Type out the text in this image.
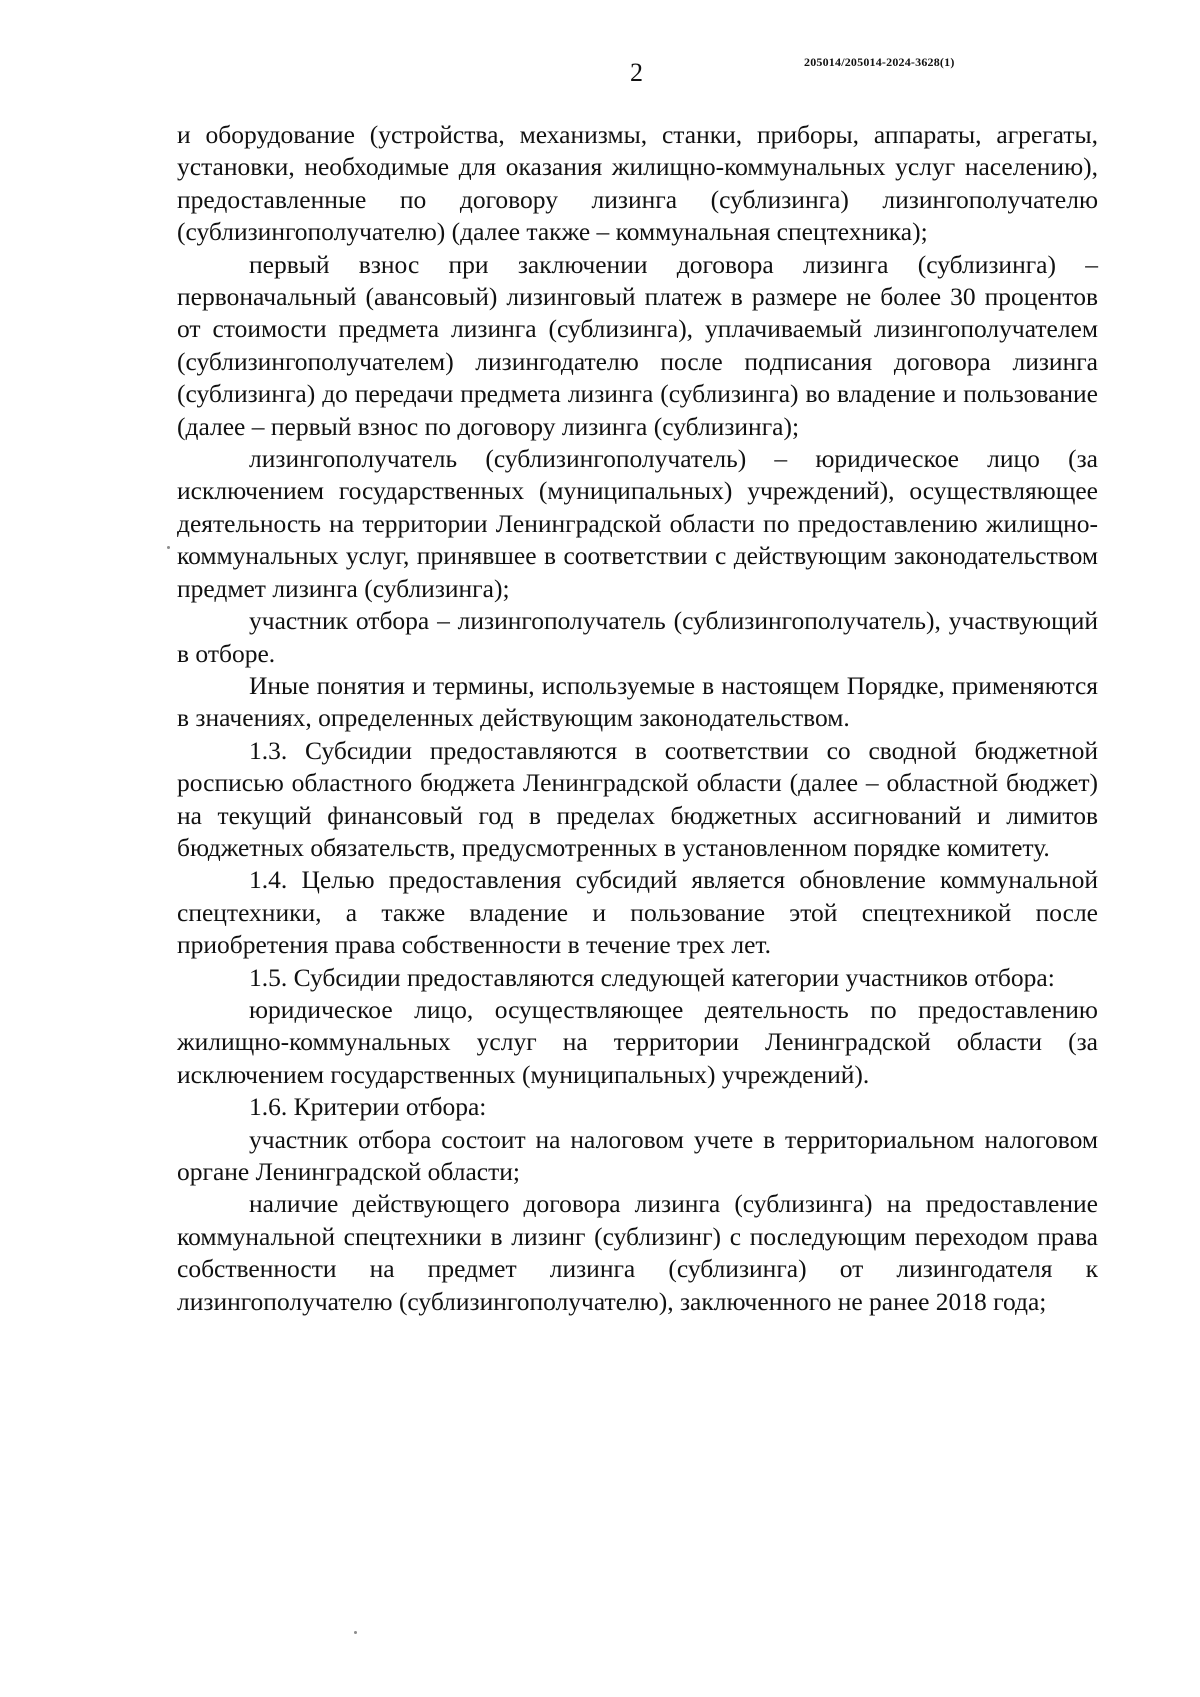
2	205014/205014-2024-3628(1)

и оборудование (устройства, механизмы, станки, приборы, аппараты, агрегаты, установки, необходимые для оказания жилищно-коммунальных услуг населению), предоставленные по договору лизинга (сублизинга) лизингополучателю (сублизингополучателю) (далее также – коммунальная спецтехника);

первый взнос при заключении договора лизинга (сублизинга) – первоначальный (авансовый) лизинговый платеж в размере не более 30 процентов от стоимости предмета лизинга (сублизинга), уплачиваемый лизингополучателем (сублизингополучателем) лизингодателю после подписания договора лизинга (сублизинга) до передачи предмета лизинга (сублизинга) во владение и пользование (далее – первый взнос по договору лизинга (сублизинга);

лизингополучатель (сублизингополучатель) – юридическое лицо (за исключением государственных (муниципальных) учреждений), осуществляющее деятельность на территории Ленинградской области по предоставлению жилищно-коммунальных услуг, принявшее в соответствии с действующим законодательством предмет лизинга (сублизинга);

участник отбора – лизингополучатель (сублизингополучатель), участвующий в отборе.

Иные понятия и термины, используемые в настоящем Порядке, применяются в значениях, определенных действующим законодательством.

1.3. Субсидии предоставляются в соответствии со сводной бюджетной росписью областного бюджета Ленинградской области (далее – областной бюджет) на текущий финансовый год в пределах бюджетных ассигнований и лимитов бюджетных обязательств, предусмотренных в установленном порядке комитету.

1.4. Целью предоставления субсидий является обновление коммунальной спецтехники, а также владение и пользование этой спецтехникой после приобретения права собственности в течение трех лет.

1.5. Субсидии предоставляются следующей категории участников отбора:

юридическое лицо, осуществляющее деятельность по предоставлению жилищно-коммунальных услуг на территории Ленинградской области (за исключением государственных (муниципальных) учреждений).

1.6. Критерии отбора:

участник отбора состоит на налоговом учете в территориальном налоговом органе Ленинградской области;

наличие действующего договора лизинга (сублизинга) на предоставление коммунальной спецтехники в лизинг (сублизинг) с последующим переходом права собственности на предмет лизинга (сублизинга) от лизингодателя к лизингополучателю (сублизингополучателю), заключенного не ранее 2018 года;
